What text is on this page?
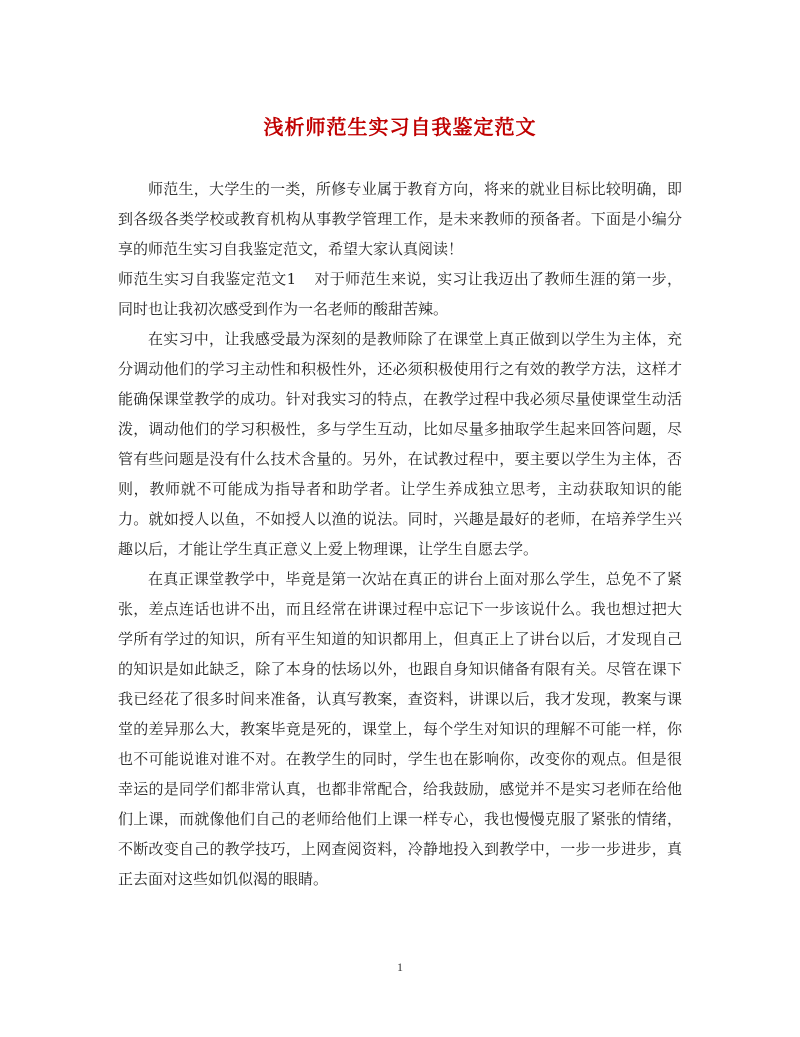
浅析师范生实习自我鉴定范文

师范生，大学生的一类，所修专业属于教育方向，将来的就业目标比较明确，即到各级各类学校或教育机构从事教学管理工作，是未来教师的预备者。下面是小编分享的师范生实习自我鉴定范文，希望大家认真阅读！

师范生实习自我鉴定范文1 对于师范生来说，实习让我迈出了教师生涯的第一步，同时也让我初次感受到作为一名老师的酸甜苦辣。

在实习中，让我感受最为深刻的是教师除了在课堂上真正做到以学生为主体，充分调动他们的学习主动性和积极性外，还必须积极使用行之有效的教学方法，这样才能确保课堂教学的成功。针对我实习的特点，在教学过程中我必须尽量使课堂生动活泼，调动他们的学习积极性，多与学生互动，比如尽量多抽取学生起来回答问题，尽管有些问题是没有什么技术含量的。另外，在试教过程中，要主要以学生为主体，否则，教师就不可能成为指导者和助学者。让学生养成独立思考，主动获取知识的能力。就如授人以鱼，不如授人以渔的说法。同时，兴趣是最好的老师，在培养学生兴趣以后，才能让学生真正意义上爱上物理课，让学生自愿去学。

在真正课堂教学中，毕竟是第一次站在真正的讲台上面对那么学生，总免不了紧张，差点连话也讲不出，而且经常在讲课过程中忘记下一步该说什么。我也想过把大学所有学过的知识，所有平生知道的知识都用上，但真正上了讲台以后，才发现自己的知识是如此缺乏，除了本身的怯场以外，也跟自身知识储备有限有关。尽管在课下我已经花了很多时间来准备，认真写教案，查资料，讲课以后，我才发现，教案与课堂的差异那么大，教案毕竟是死的，课堂上，每个学生对知识的理解不可能一样，你也不可能说谁对谁不对。在教学生的同时，学生也在影响你，改变你的观点。但是很幸运的是同学们都非常认真，也都非常配合，给我鼓励，感觉并不是实习老师在给他们上课，而就像他们自己的老师给他们上课一样专心，我也慢慢克服了紧张的情绪，不断改变自己的教学技巧，上网查阅资料，冷静地投入到教学中，一步一步进步，真正去面对这些如饥似渴的眼睛。

1
